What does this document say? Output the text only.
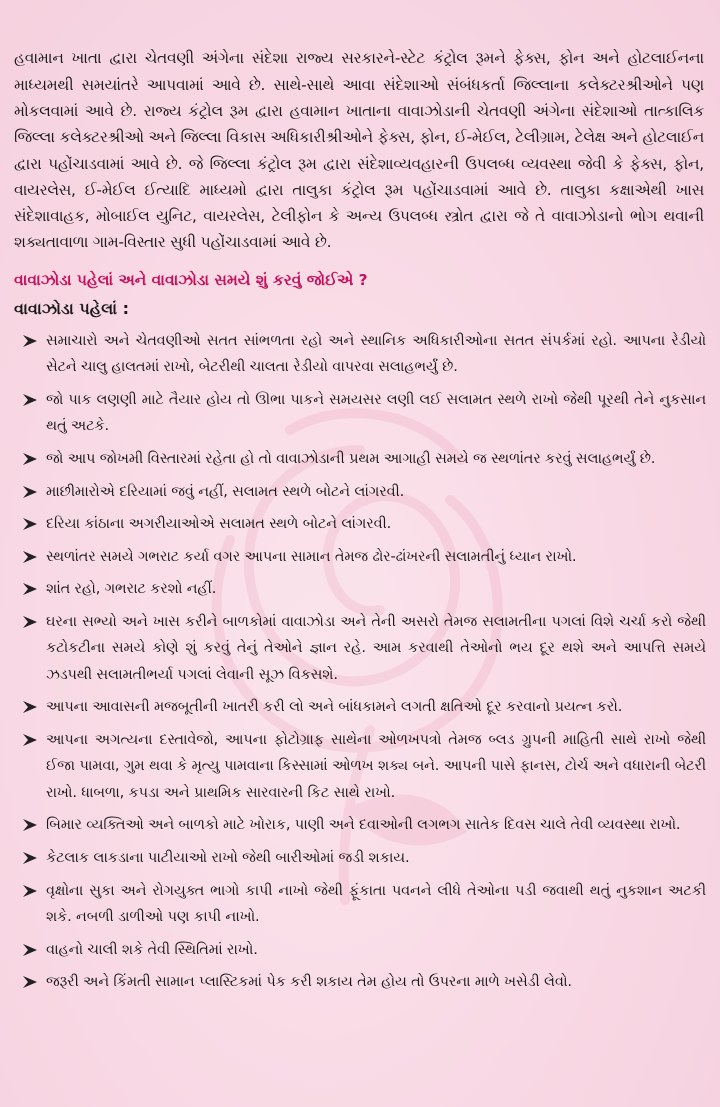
હવામાન ખાતા દ્વારા ચેતવણી અંગેના સંદેશા રાજ્ય સરકારને-સ્ટેટ કંટ્રોલ રૂમને ફેક્સ, ફોન અને હોટલાઈનના માધ્યમથી સમયાંતરે આપવામાં આવે છે. સાથે-સાથે આવા સંદેશાઓ સંબંધકર્તા જિલ્લાના કલેક્ટરશ્રીઓને પણ મોકલવામાં આવે છે. રાજ્ય કંટ્રોલ રૂમ દ્વારા હવામાન ખાતાના વાવાઝોડાની ચેતવણી અંગેના સંદેશાઓ તાત્કાલિક જિલ્લા કલેક્ટરશ્રીઓ અને જિલ્લા વિકાસ અધિકારીશ્રીઓને ફેક્સ, ફોન, ઈ-મેઈલ, ટેલીગ્રામ, ટેલેક્ષ અને હોટલાઈન દ્વારા પહોંચાડવામાં આવે છે. જે જિલ્લા કંટ્રોલ રૂમ દ્વારા સંદેશાવ્યવહારની ઉપલબ્ધ વ્યવસ્થા જેવી કે ફેક્સ, ફોન, વાયરલેસ, ઈ-મેઈલ ઈત્યાદિ માધ્યમો દ્વારા તાલુકા કંટ્રોલ રૂમ પહોંચાડવામાં આવે છે. તાલુકા કક્ષાએથી ખાસ સંદેશાવાહક, મોબાઈલ યુનિટ, વાયરલેસ, ટેલીફોન કે અન્ય ઉપલબ્ધ સ્ત્રોત દ્વારા જે તે વાવાઝોડાનો ભોગ થવાની શક્યતાવાળા ગામ-વિસ્તાર સુધી પહોંચાડવામાં આવે છે.

વાવાઝોડા પહેલાં અને વાવાઝોડા સમયે શું કરવું જોઈએ ?
વાવાઝોડા પહેલાં :
સમાચારો અને ચેતવણીઓ સતત સાંભળતા રહો અને સ્થાનિક અધિકારીઓના સતત સંપર્કમાં રહો. આપના રેડીયો સેટને ચાલુ હાલતમાં રાખો, બેટરીથી ચાલતા રેડીયો વાપરવા સલાહભર્યું છે.
જો પાક લણણી માટે તૈયાર હોય તો ઊભા પાકને સમયસર લણી લઈ સલામત સ્થળે રાખો જેથી પૂરથી તેને નુકસાન થતું અટકે.
જો આપ જોખમી વિસ્તારમાં રહેતા હો તો વાવાઝોડાની પ્રથમ આગાહી સમયે જ સ્થળાંતર કરવું સલાહભર્યું છે.
માછીમારોએ દરિયામાં જવું નહીં, સલામત સ્થળે બોટને લાંગરવી.
દરિયા કાંઠાના અગરીયાઓએ સલામત સ્થળે બોટને લાંગરવી.
સ્થળાંતર સમયે ગભરાટ કર્યા વગર આપના સામાન તેમજ ઢોર-ઢાંખરની સલામતીનું ધ્યાન રાખો.
શાંત રહો, ગભરાટ કરશો નહીં.
ઘરના સભ્યો અને ખાસ કરીને બાળકોમાં વાવાઝોડા અને તેની અસરો તેમજ સલામતીના પગલાં વિશે ચર્ચા કરો જેથી કટોકટીના સમયે કોણે શું કરવું તેનું તેઓને જ્ઞાન રહે. આમ કરવાથી તેઓનો ભય દૂર થશે અને આપત્તિ સમયે ઝડપથી સલામતીભર્યા પગલાં લેવાની સૂઝ વિકસશે.
આપના આવાસની મજબૂતીની ખાતરી કરી લો અને બાંધકામને લગતી ક્ષતિઓ દૂર કરવાનો પ્રયત્ન કરો.
આપના અગત્યના દસ્તાવેજો, આપના ફોટોગ્રાફ સાથેના ઓળખપત્રો તેમજ બ્લડ ગ્રુપની માહિતી સાથે રાખો જેથી ઈજા પામવા, ગુમ થવા કે મૃત્યુ પામવાના કિસ્સામાં ઓળખ શક્ય બને. આપની પાસે ફાનસ, ટોર્ચ અને વધારાની બેટરી રાખો. ધાબળા, કપડા અને પ્રાથમિક સારવારની કિટ સાથે રાખો.
બિમાર વ્યક્તિઓ અને બાળકો માટે ખોરાક, પાણી અને દવાઓની લગભગ સાતેક દિવસ ચાલે તેવી વ્યવસ્થા રાખો.
કેટલાક લાકડાના પાટીયાઓ રાખો જેથી બારીઓમાં જડી શકાય.
વૃક્ષોના સુકા અને રોગયુક્ત ભાગો કાપી નાખો જેથી ફૂંકાતા પવનને લીધે તેઓના પડી જવાથી થતું નુકશાન અટકી શકે. નબળી ડાળીઓ પણ કાપી નાખો.
વાહનો ચાલી શકે તેવી સ્થિતિમાં રાખો.
જરૂરી અને કિંમતી સામાન પ્લાસ્ટિકમાં પેક કરી શકાય તેમ હોય તો ઉપરના માળે ખસેડી લેવો.
